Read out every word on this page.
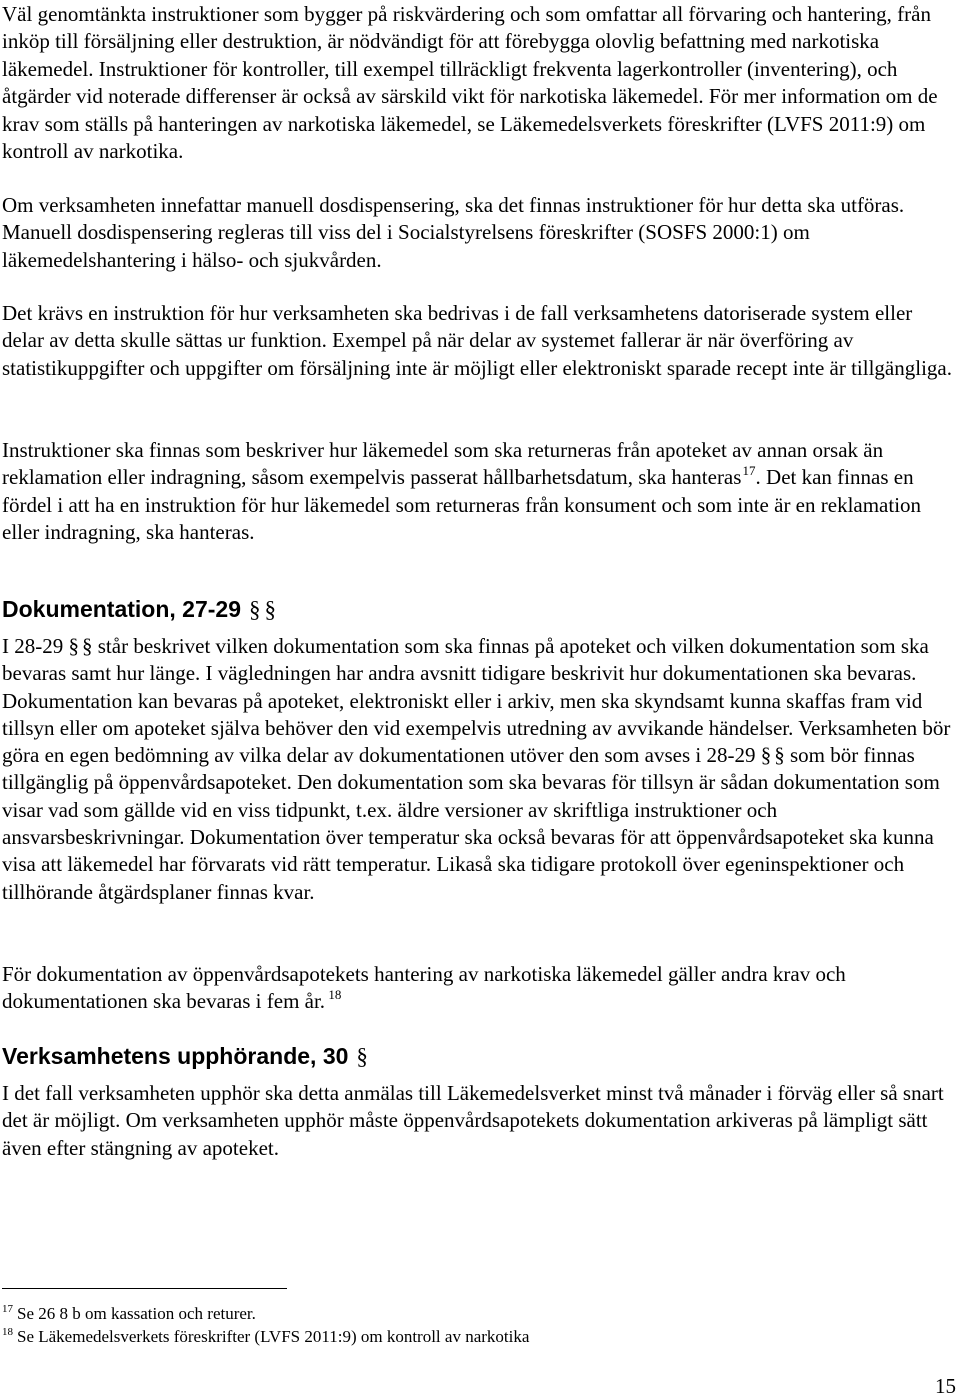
Väl genomtänkta instruktioner som bygger på riskvärdering och som omfattar all förvaring och hantering, från inköp till försäljning eller destruktion, är nödvändigt för att förebygga olovlig befattning med narkotiska läkemedel. Instruktioner för kontroller, till exempel tillräckligt frekventa lagerkontroller (inventering), och åtgärder vid noterade differenser är också av särskild vikt för narkotiska läkemedel. För mer information om de krav som ställs på hanteringen av narkotiska läkemedel, se Läkemedelsverkets föreskrifter (LVFS 2011:9) om kontroll av narkotika.

Om verksamheten innefattar manuell dosdispensering, ska det finnas instruktioner för hur detta ska utföras. Manuell dosdispensering regleras till viss del i Socialstyrelsens föreskrifter (SOSFS 2000:1) om läkemedelshantering i hälso- och sjukvården.

Det krävs en instruktion för hur verksamheten ska bedrivas i de fall verksamhetens datoriserade system eller delar av detta skulle sättas ur funktion. Exempel på när delar av systemet fallerar är när överföring av statistikuppgifter och uppgifter om försäljning inte är möjligt eller elektroniskt sparade recept inte är tillgängliga.

Instruktioner ska finnas som beskriver hur läkemedel som ska returneras från apoteket av annan orsak än reklamation eller indragning, såsom exempelvis passerat hållbarhetsdatum, ska hanteras $^{17}$. Det kan finnas en fördel i att ha en instruktion för hur läkemedel som returneras från konsument och som inte är en reklamation eller indragning, ska hanteras.

Dokumentation, 27-29 § §

I 28-29 § § står beskrivet vilken dokumentation som ska finnas på apoteket och vilken dokumentation som ska bevaras samt hur länge. I vägledningen har andra avsnitt tidigare beskrivit hur dokumentationen ska bevaras. Dokumentation kan bevaras på apoteket, elektroniskt eller i arkiv, men ska skyndsamt kunna skaffas fram vid tillsyn eller om apoteket själva behöver den vid exempelvis utredning av avvikande händelser. Verksamheten bör göra en egen bedömning av vilka delar av dokumentationen utöver den som avses i 28-29 § § som bör finnas tillgänglig på öppenvårdsapoteket. Den dokumentation som ska bevaras för tillsyn är sådan dokumentation som visar vad som gällde vid en viss tidpunkt, t.ex. äldre versioner av skriftliga instruktioner och ansvarsbeskrivningar. Dokumentation över temperatur ska också bevaras för att öppenvårdsapoteket ska kunna visa att läkemedel har förvarats vid rätt temperatur. Likaså ska tidigare protokoll över egeninspektioner och tillhörande åtgärdsplaner finnas kvar.

För dokumentation av öppenvårdsapotekets hantering av narkotiska läkemedel gäller andra krav och dokumentationen ska bevaras i fem år. $^{18}$

Verksamhetens upphörande, 30 §

I det fall verksamheten upphör ska detta anmälas till Läkemedelsverket minst två månader i förväg eller så snart det är möjligt. Om verksamheten upphör måste öppenvårdsapotekets dokumentation arkiveras på lämpligt sätt även efter stängning av apoteket.

$^{17}$ Se 26 8 b om kassation och returer.
$^{18}$ Se Läkemedelsverkets föreskrifter (LVFS 2011:9) om kontroll av narkotika
15
